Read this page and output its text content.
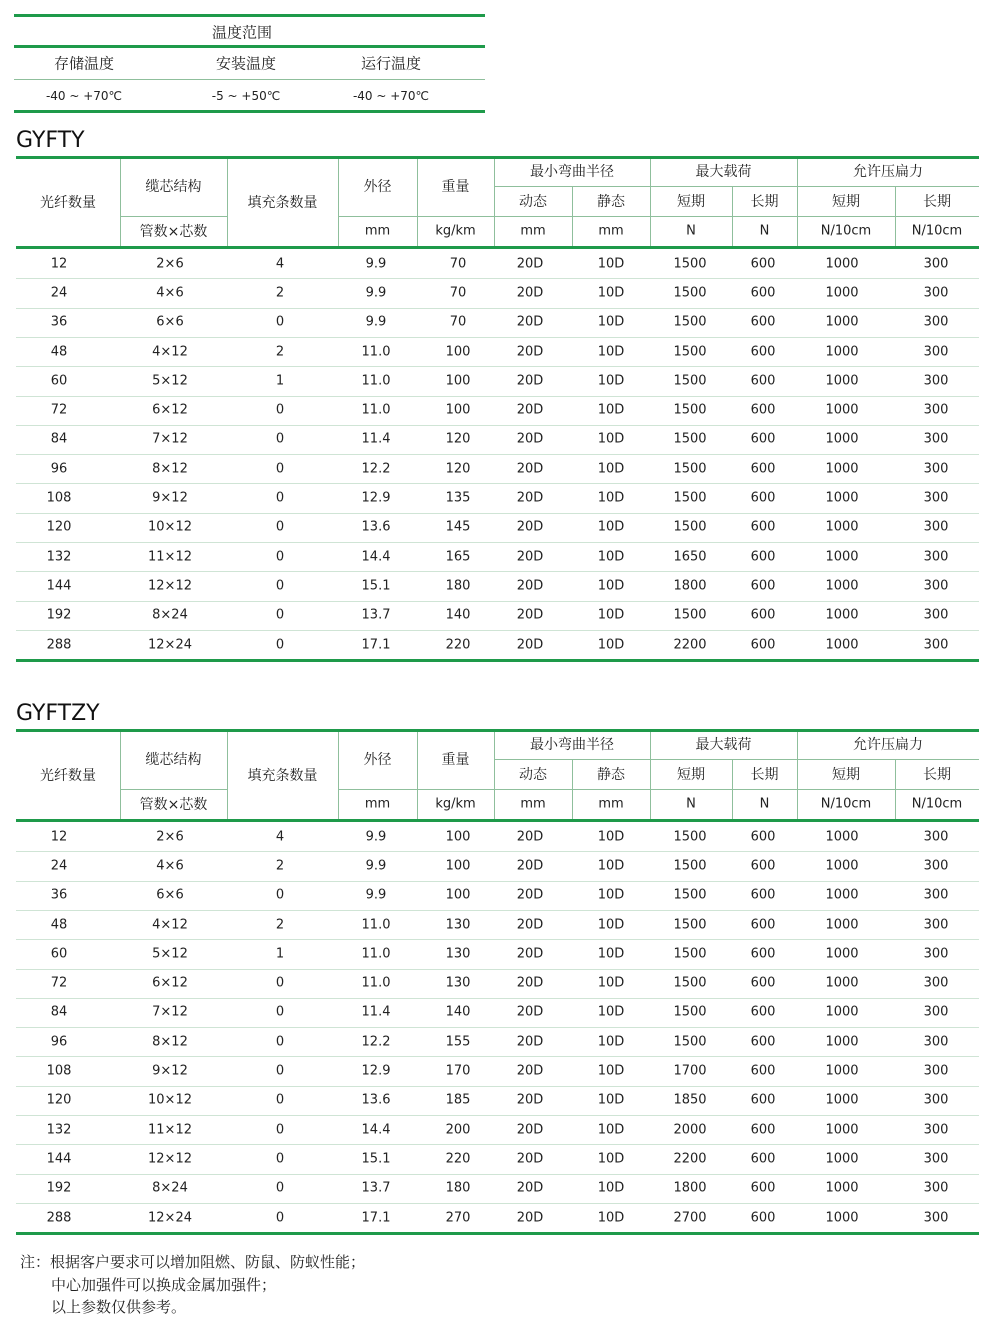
温度范围
存储温度	安装温度	运行温度
-40 ~ +70℃	-5 ~ +50℃	-40 ~ +70℃
GYFTY
光纤数量
缆芯结构
管数×芯数
填充条数量
外径	重量
mm	kg/km
最小弯曲半径
动态	静态
mm	mm
最大载荷
短期	长期
N	N
允许压扁力
短期	长期
N/10cm	N/10cm
12	2×6	4	9.9	70	20D	10D	1500	600	1000	300
24	4×6	2	9.9	70	20D	10D	1500	600	1000	300
36	6×6	0	9.9	70	20D	10D	1500	600	1000	300
48	4×12	2	11.0	100	20D	10D	1500	600	1000	300
60	5×12	1	11.0	100	20D	10D	1500	600	1000	300
72	6×12	0	11.0	100	20D	10D	1500	600	1000	300
84	7×12	0	11.4	120	20D	10D	1500	600	1000	300
96	8×12	0	12.2	120	20D	10D	1500	600	1000	300
108	9×12	0	12.9	135	20D	10D	1500	600	1000	300
120	10×12	0	13.6	145	20D	10D	1500	600	1000	300
132	11×12	0	14.4	165	20D	10D	1650	600	1000	300
144	12×12	0	15.1	180	20D	10D	1800	600	1000	300
192	8×24	0	13.7	140	20D	10D	1500	600	1000	300
288	12×24	0	17.1	220	20D	10D	2200	600	1000	300
GYFTZY
光纤数量
缆芯结构
管数×芯数
填充条数量
外径	重量
mm	kg/km
最小弯曲半径
动态	静态
mm	mm
最大载荷
短期	长期
N	N
允许压扁力
短期	长期
N/10cm	N/10cm
12	2×6	4	9.9	100	20D	10D	1500	600	1000	300
24	4×6	2	9.9	100	20D	10D	1500	600	1000	300
36	6×6	0	9.9	100	20D	10D	1500	600	1000	300
48	4×12	2	11.0	130	20D	10D	1500	600	1000	300
60	5×12	1	11.0	130	20D	10D	1500	600	1000	300
72	6×12	0	11.0	130	20D	10D	1500	600	1000	300
84	7×12	0	11.4	140	20D	10D	1500	600	1000	300
96	8×12	0	12.2	155	20D	10D	1500	600	1000	300
108	9×12	0	12.9	170	20D	10D	1700	600	1000	300
120	10×12	0	13.6	185	20D	10D	1850	600	1000	300
132	11×12	0	14.4	200	20D	10D	2000	600	1000	300
144	12×12	0	15.1	220	20D	10D	2200	600	1000	300
192	8×24	0	13.7	180	20D	10D	1800	600	1000	300
288	12×24	0	17.1	270	20D	10D	2700	600	1000	300
注：根据客户要求可以增加阻燃、防鼠、防蚁性能；
中心加强件可以换成金属加强件；
以上参数仅供参考。
